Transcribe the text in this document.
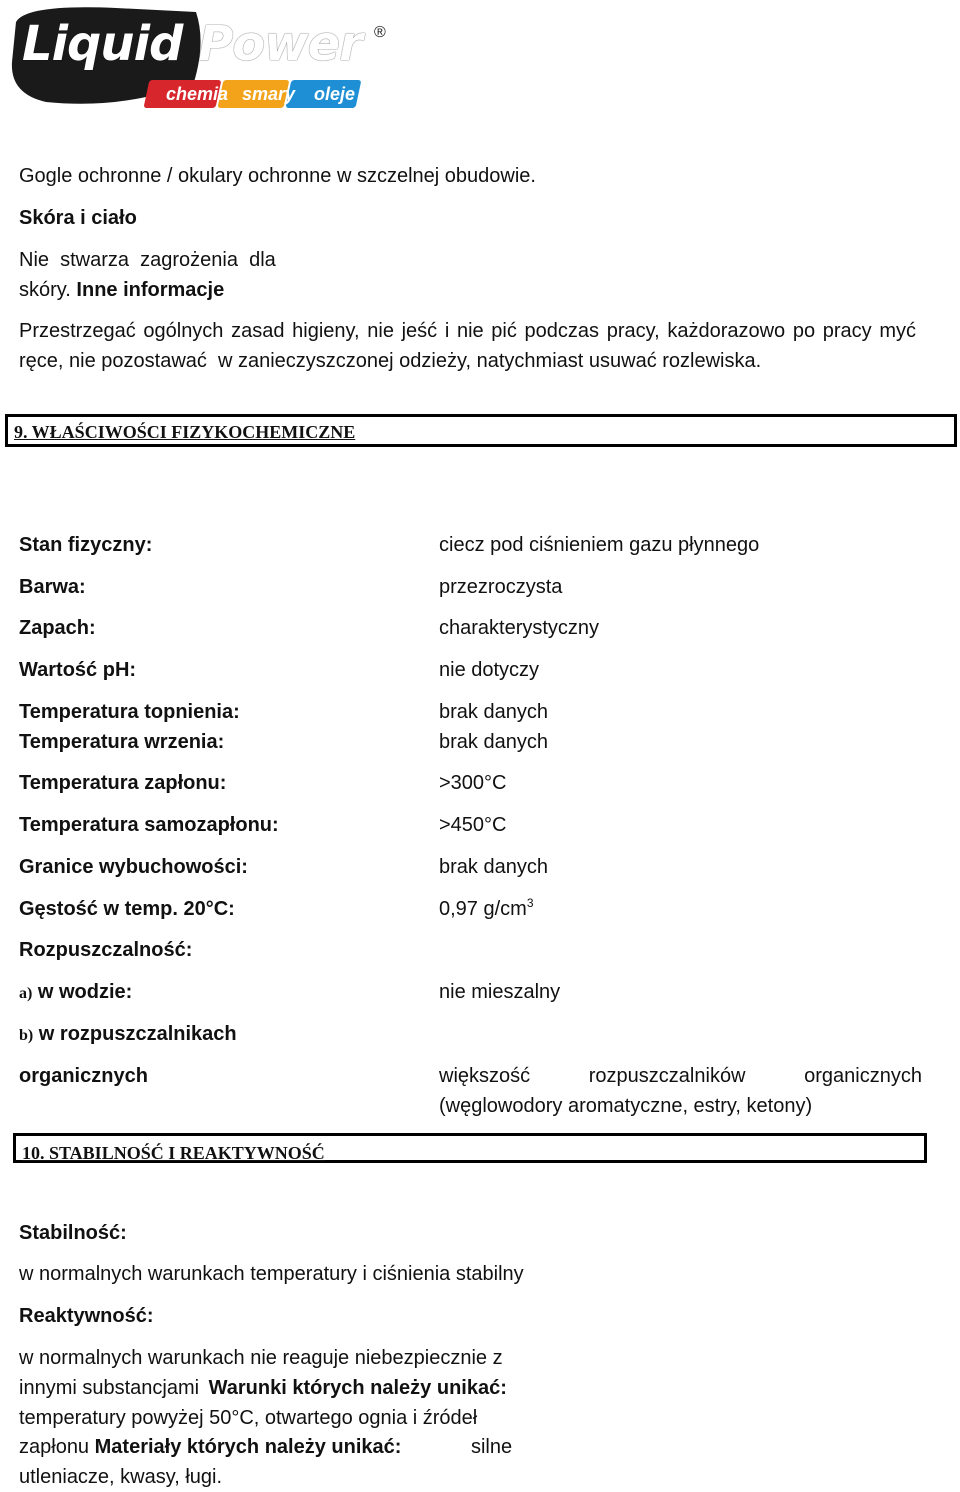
Liquid Power ®
chemia smary oleje
Gogle ochronne / okulary ochronne w szczelnej obudowie.
Skóra i ciało
Nie  stwarza  zagrożenia  dla
skóry. Inne informacje
Przestrzegać ogólnych zasad higieny, nie jeść i nie pić podczas pracy, każdorazowo po pracy myć ręce, nie pozostawać  w zanieczyszczonej odzieży, natychmiast usuwać rozlewiska.
9. WŁAŚCIWOŚCI FIZYKOCHEMICZNE
Stan fizyczny:	ciecz pod ciśnieniem gazu płynnego
Barwa:	przezroczysta
Zapach:	charakterystyczny
Wartość pH:	nie dotyczy
Temperatura topnienia:	brak danych
Temperatura wrzenia:	brak danych
Temperatura zapłonu:	>300°C
Temperatura samozapłonu:	>450°C
Granice wybuchowości:	brak danych
Gęstość w temp. 20°C:	0,97 $g/cm^3$
Rozpuszczalność:
a) w wodzie:	nie mieszalny
b) w rozpuszczalnikach
organicznych	większość rozpuszczalników organicznych (węglowodory aromatyczne, estry, ketony)
10. STABILNOŚĆ I REAKTYWNOŚĆ
Stabilność:
w normalnych warunkach temperatury i ciśnienia stabilny
Reaktywność:
w normalnych warunkach nie reaguje niebezpiecznie z
innymi substancjami Warunki których należy unikać:
temperatury powyżej 50°C, otwartego ognia i źródeł
zapłonu Materiały których należy unikać:	silne
utleniacze, kwasy, ługi.
